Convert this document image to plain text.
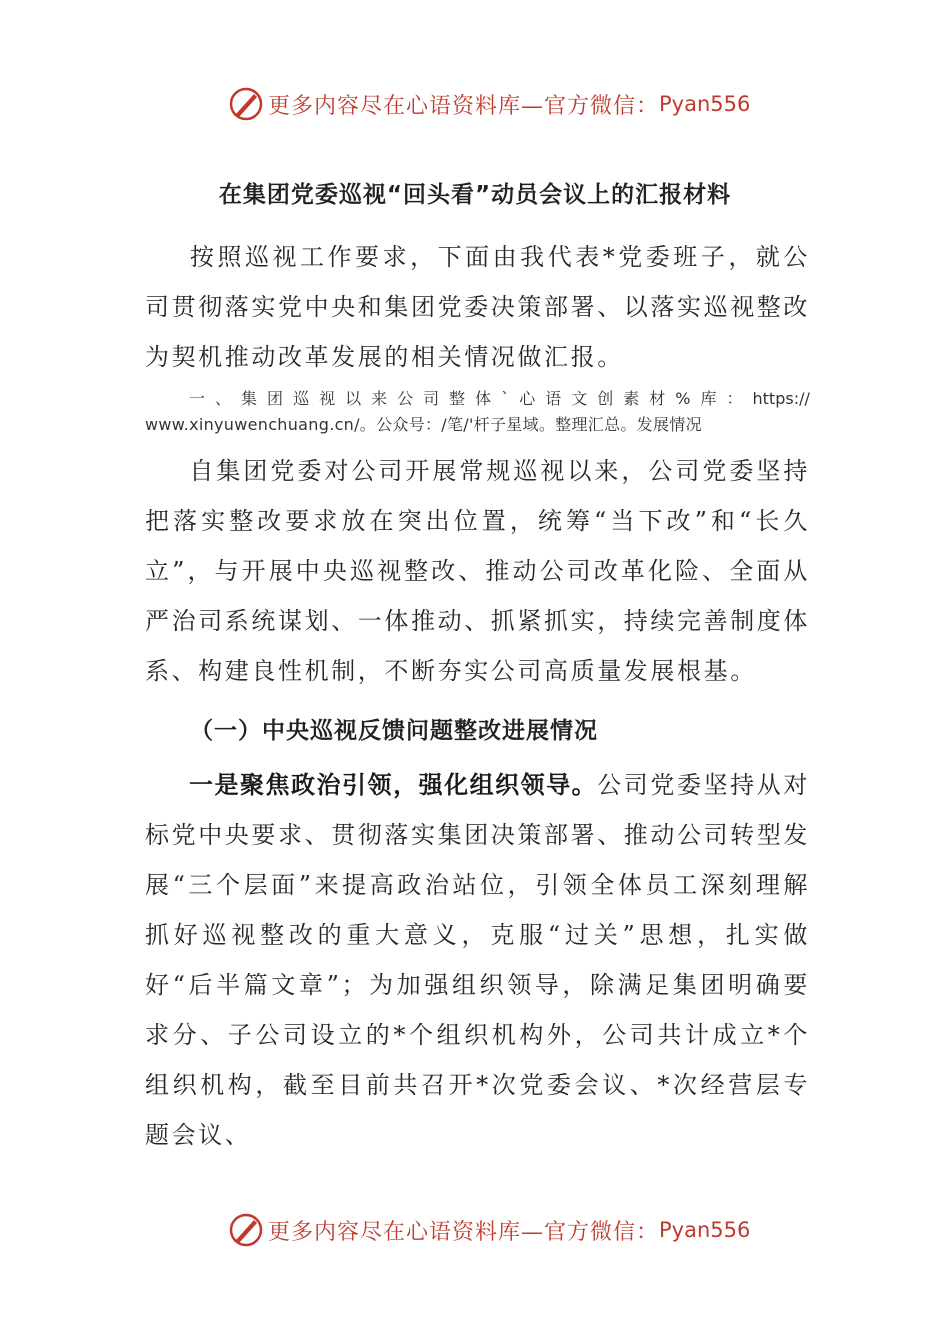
更多内容尽在心语资料库—官方微信： Pyan556
在集团党委巡视“回头看”动员会议上的汇报材料
按照巡视工作要求，下面由我代表*党委班子，就公司贯彻落实党中央和集团党委决策部署、以落实巡视整改为契机推动改革发展的相关情况做汇报。
一 、 集 团 巡 视 以 来 公 司 整 体 ` 心 语 文 创 素 材 % 库 ： https://
www.xinyuwenchuang.cn/。公众号：/笔/'杆子星域。整理汇总。发展情况
自集团党委对公司开展常规巡视以来，公司党委坚持把落实整改要求放在突出位置，统筹“当下改”和“长久立”，与开展中央巡视整改、推动公司改革化险、全面从严治司系统谋划、一体推动、抓紧抓实，持续完善制度体系、构建良性机制，不断夯实公司高质量发展根基。
（一）中央巡视反馈问题整改进展情况
一是聚焦政治引领，强化组织领导。公司党委坚持从对标党中央要求、贯彻落实集团决策部署、推动公司转型发展“三个层面”来提高政治站位，引领全体员工深刻理解抓好巡视整改的重大意义，克服“过关”思想，扎实做好“后半篇文章”；为加强组织领导，除满足集团明确要求分、子公司设立的*个组织机构外，公司共计成立*个组织机构，截至目前共召开*次党委会议、*次经营层专题会议、
更多内容尽在心语资料库—官方微信： Pyan556
